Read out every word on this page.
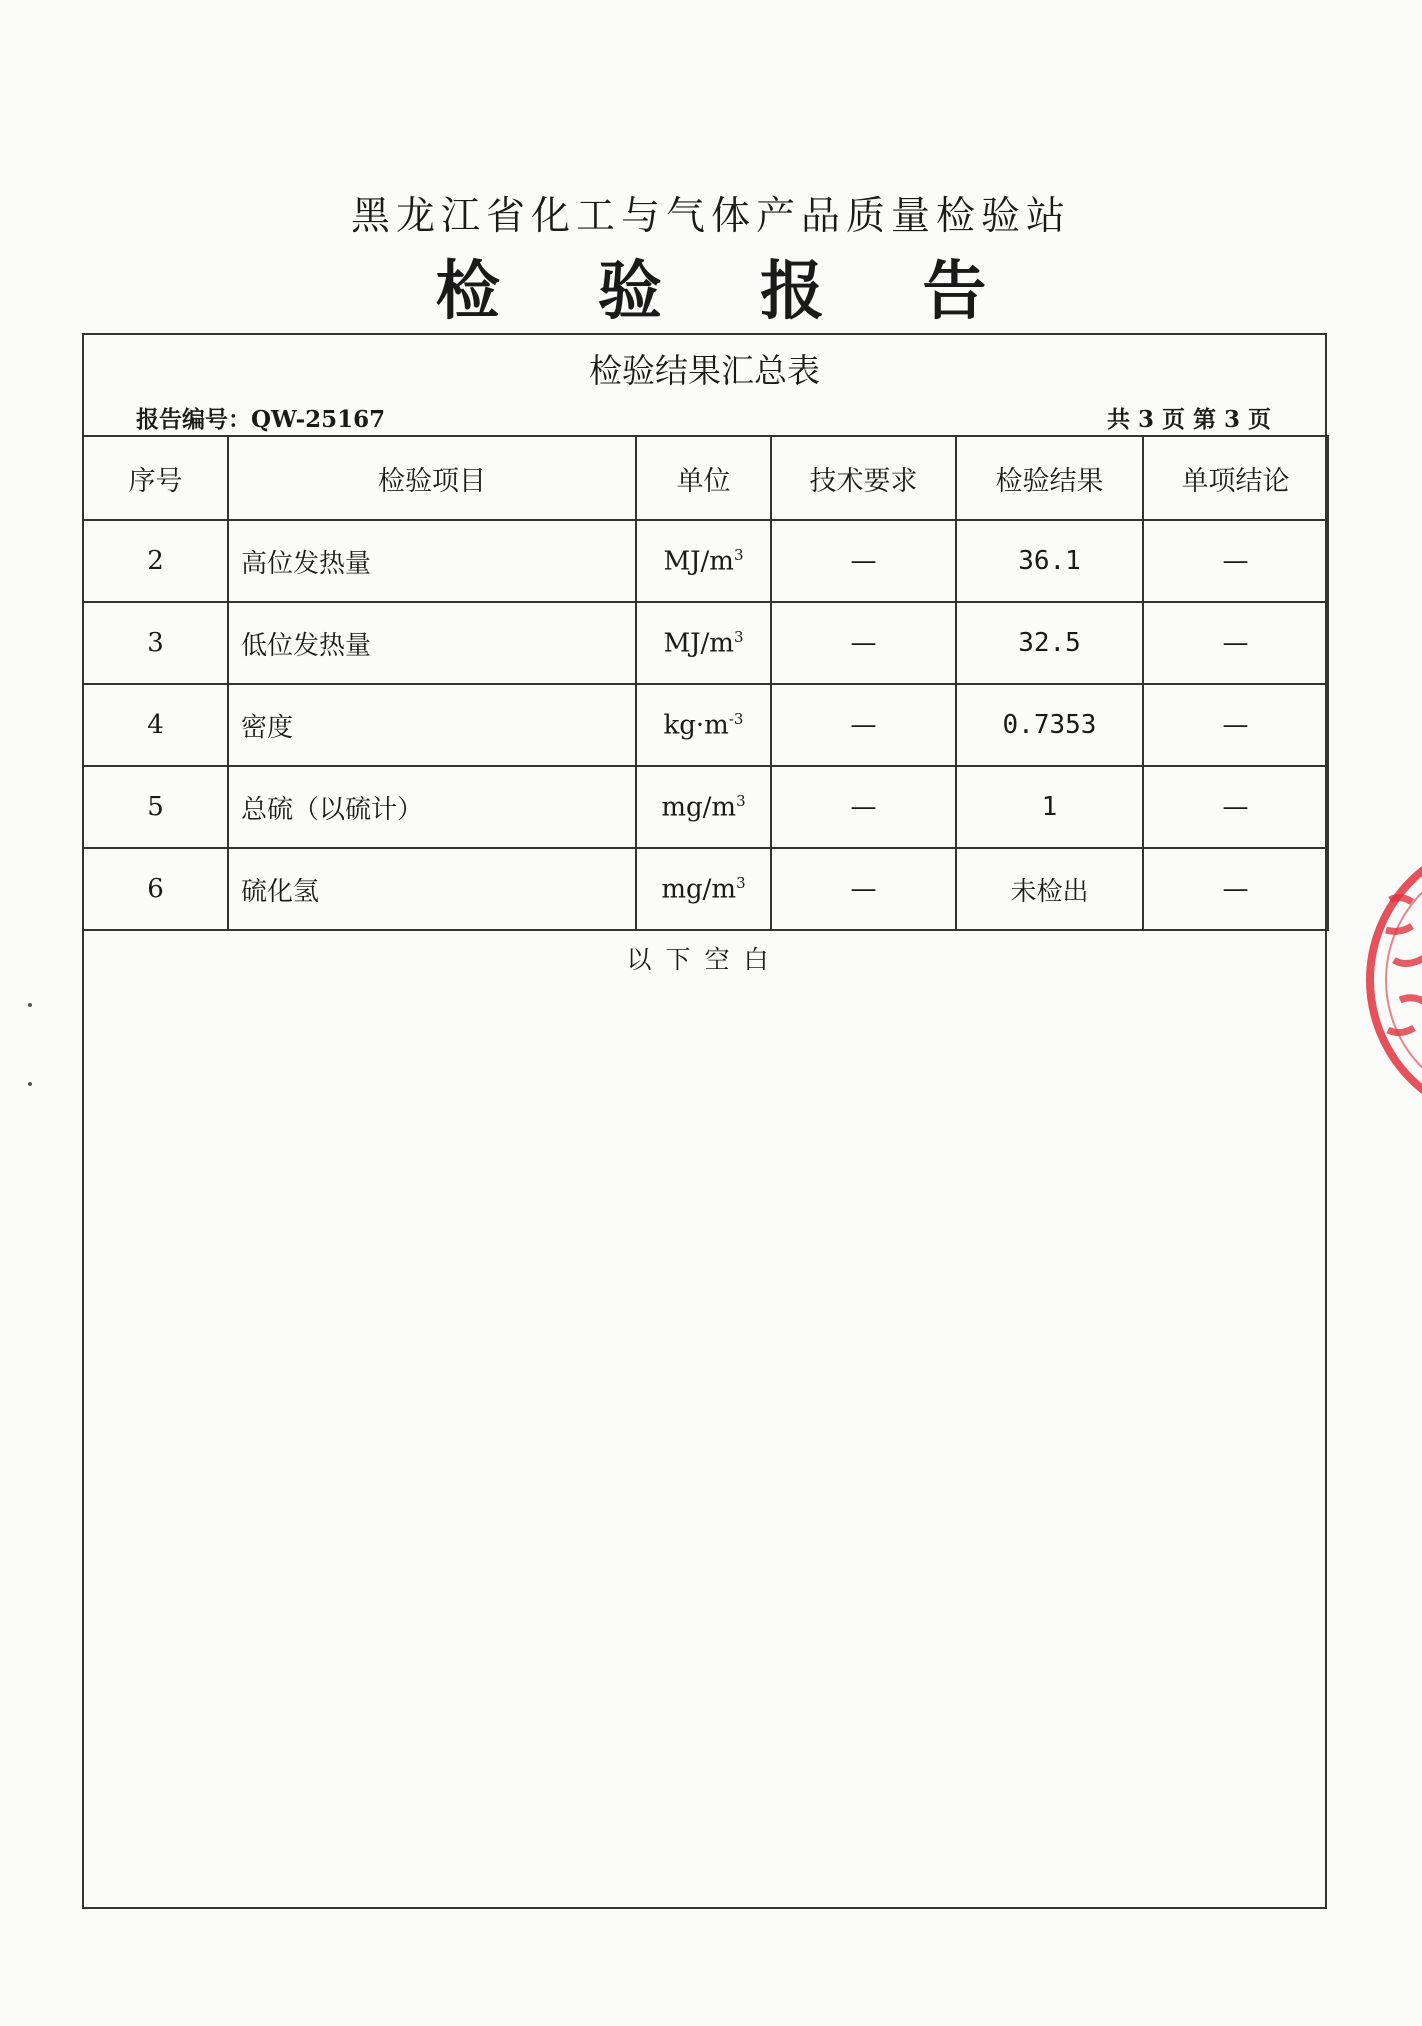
黑龙江省化工与气体产品质量检验站
检 验 报 告
检验结果汇总表
报告编号：QW-25167	共 3 页 第 3 页
序号	检验项目	单位	技术要求	检验结果	单项结论
2	高位发热量	$MJ/m^3$	—	36.1	—
3	低位发热量	$MJ/m^3$	—	32.5	—
4	密度	$kg\cdot m^{-3}$	—	0.7353	—
5	总硫（以硫计）	$mg/m^3$	—	1	—
6	硫化氢	$mg/m^3$	—	未检出	—
以下空白
